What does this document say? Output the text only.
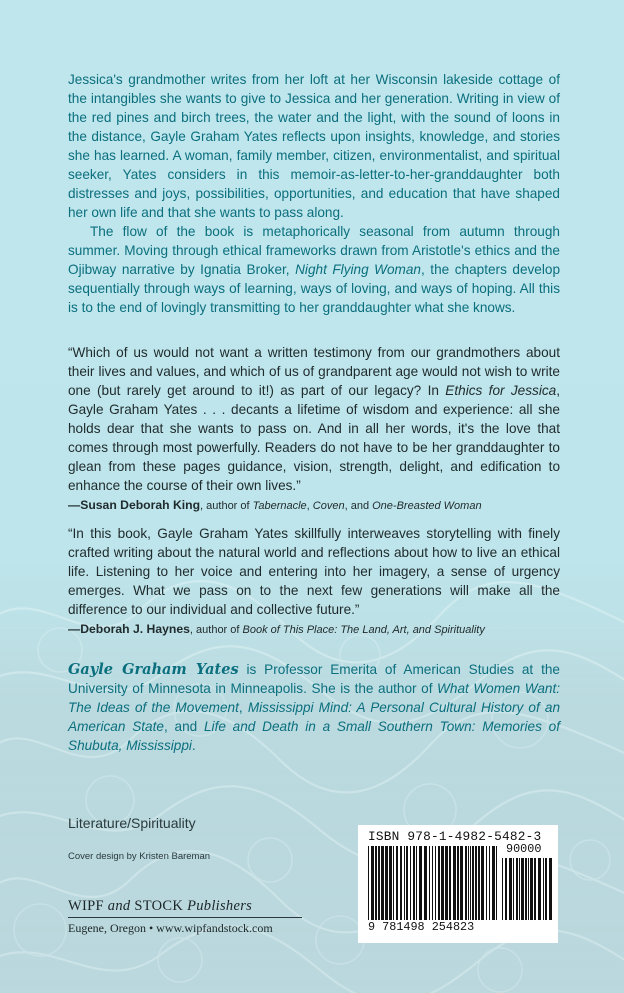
Jessica's grandmother writes from her loft at her Wisconsin lakeside cottage of the intangibles she wants to give to Jessica and her generation. Writing in view of the red pines and birch trees, the water and the light, with the sound of loons in the distance, Gayle Graham Yates reflects upon insights, knowledge, and stories she has learned. A woman, family member, citizen, environmentalist, and spiritual seeker, Yates considers in this memoir-as-letter-to-her-granddaughter both distresses and joys, possibilities, opportunities, and education that have shaped her own life and that she wants to pass along.

The flow of the book is metaphorically seasonal from autumn through summer. Moving through ethical frameworks drawn from Aristotle's ethics and the Ojibway narrative by Ignatia Broker, Night Flying Woman, the chapters develop sequentially through ways of learning, ways of loving, and ways of hoping. All this is to the end of lovingly transmitting to her granddaughter what she knows.

“Which of us would not want a written testimony from our grandmothers about their lives and values, and which of us of grandparent age would not wish to write one (but rarely get around to it!) as part of our legacy? In Ethics for Jessica, Gayle Graham Yates . . . decants a lifetime of wisdom and experience: all she holds dear that she wants to pass on. And in all her words, it's the love that comes through most powerfully. Readers do not have to be her granddaughter to glean from these pages guidance, vision, strength, delight, and edification to enhance the course of their own lives.”

—Susan Deborah King, author of Tabernacle, Coven, and One-Breasted Woman

“In this book, Gayle Graham Yates skillfully interweaves storytelling with finely crafted writing about the natural world and reflections about how to live an ethical life. Listening to her voice and entering into her imagery, a sense of urgency emerges. What we pass on to the next few generations will make all the difference to our individual and collective future.”

—Deborah J. Haynes, author of Book of This Place: The Land, Art, and Spirituality
Gayle Graham Yates is Professor Emerita of American Studies at the University of Minnesota in Minneapolis. She is the author of What Women Want: The Ideas of the Movement, Mississippi Mind: A Personal Cultural History of an American State, and Life and Death in a Small Southern Town: Memories of Shubuta, Mississippi.
Literature/Spirituality
Cover design by Kristen Bareman
WIPF and STOCK Publishers
Eugene, Oregon • www.wipfandstock.com
ISBN 978-1-4982-5482-3
90000
9 781498 254823
